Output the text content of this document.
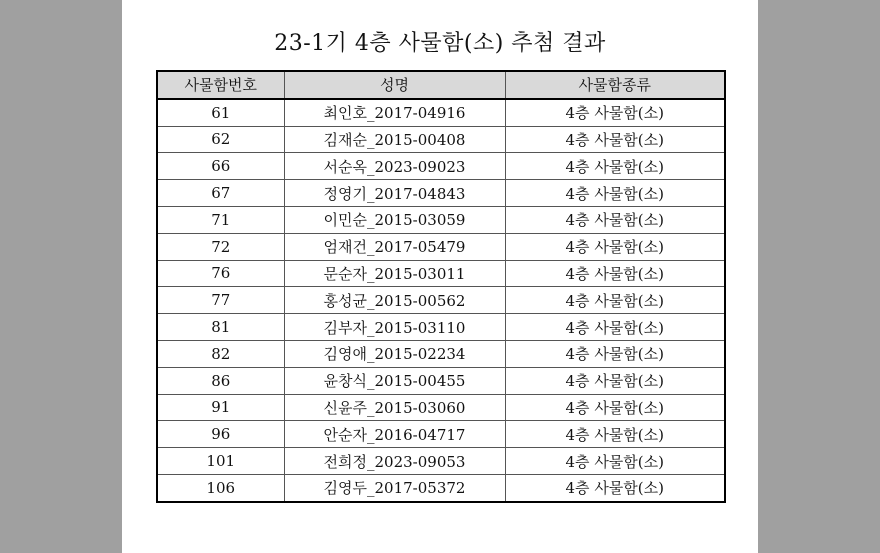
23-1기 4층 사물함(소) 추첨 결과
사물함번호	성명	사물함종류
61	최인호_2017-04916	4층 사물함(소)
62	김재순_2015-00408	4층 사물함(소)
66	서순옥_2023-09023	4층 사물함(소)
67	정영기_2017-04843	4층 사물함(소)
71	이민순_2015-03059	4층 사물함(소)
72	엄재건_2017-05479	4층 사물함(소)
76	문순자_2015-03011	4층 사물함(소)
77	홍성균_2015-00562	4층 사물함(소)
81	김부자_2015-03110	4층 사물함(소)
82	김영애_2015-02234	4층 사물함(소)
86	윤창식_2015-00455	4층 사물함(소)
91	신윤주_2015-03060	4층 사물함(소)
96	안순자_2016-04717	4층 사물함(소)
101	전희정_2023-09053	4층 사물함(소)
106	김영두_2017-05372	4층 사물함(소)
